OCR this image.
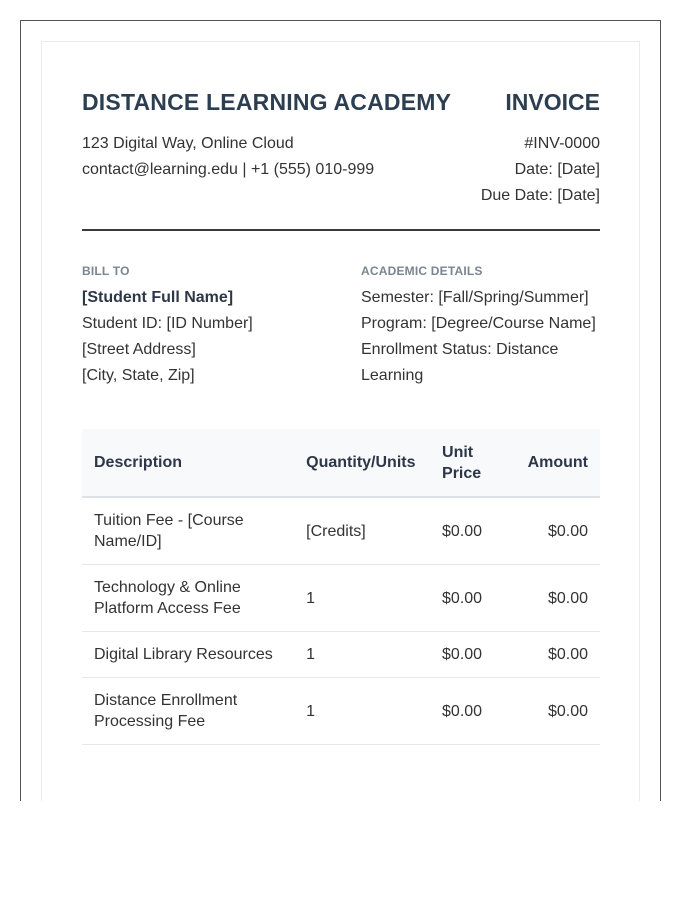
DISTANCE LEARNING ACADEMY INVOICE
123 Digital Way, Online Cloud
contact@learning.edu | +1 (555) 010-999
#INV-0000
Date: [Date]
Due Date: [Date]
BILL TO
[Student Full Name]
Student ID: [ID Number]
[Street Address]
[City, State, Zip]
ACADEMIC DETAILS
Semester: [Fall/Spring/Summer]
Program: [Degree/Course Name]
Enrollment Status: Distance Learning
Description	Quantity/Units	Unit Price	Amount
Tuition Fee - [Course Name/ID]	[Credits]	$0.00	$0.00
Technology & Online Platform Access Fee	1	$0.00	$0.00
Digital Library Resources	1	$0.00	$0.00
Distance Enrollment Processing Fee	1	$0.00	$0.00
